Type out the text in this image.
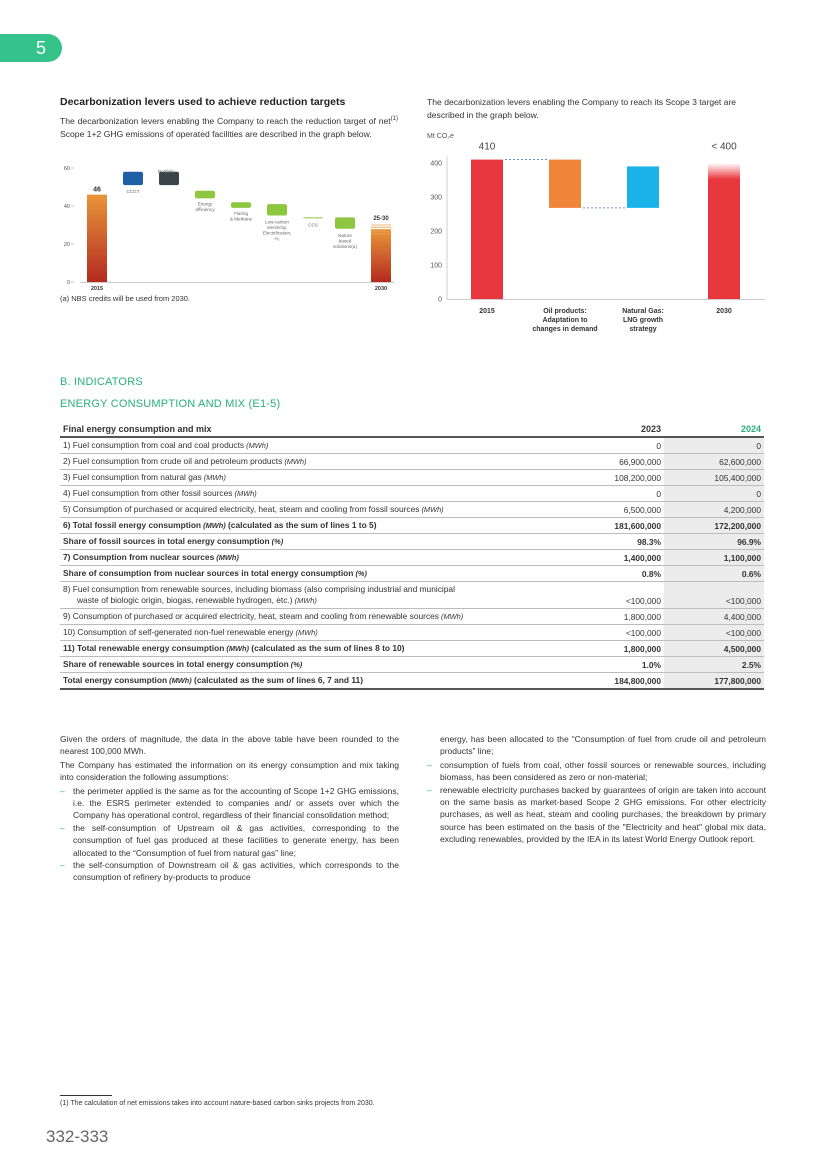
5
Decarbonization levers used to achieve reduction targets
The decarbonization levers enabling the Company to reach the reduction target of net$^{(1)}$ Scope 1+2 GHG emissions of operated facilities are described in the graph below.
60
40
20
0
46
2015
CCGT
Portfolio
Energy efficiency
Flaring & Methane
Low-carbon electricity, Electrification, H₂
CCS
Nature based solutions(a)
25-30
2030
(a) NBS credits will be used from 2030.
The decarbonization levers enabling the Company to reach its Scope 3 target are described in the graph below.
Mt CO₂e
0
100
200
300
400
410
2015	Oil products: Adaptation to changes in demand
Natural Gas: LNG growth strategy
< 400
2030
B. INDICATORS
ENERGY CONSUMPTION AND MIX (E1-5)
Final energy consumption and mix	2023	2024
1) Fuel consumption from coal and coal products (MWh)	0	0
2) Fuel consumption from crude oil and petroleum products (MWh)	66,900,000	62,600,000
3) Fuel consumption from natural gas (MWh)	108,200,000	105,400,000
4) Fuel consumption from other fossil sources (MWh)	0	0
5) Consumption of purchased or acquired electricity, heat, steam and cooling from fossil sources (MWh)	6,500,000	4,200,000
6) Total fossil energy consumption (MWh) (calculated as the sum of lines 1 to 5)	181,600,000	172,200,000
Share of fossil sources in total energy consumption (%)	98.3%	96.9%
7) Consumption from nuclear sources (MWh)	1,400,000	1,100,000
Share of consumption from nuclear sources in total energy consumption (%)	0.8%	0.6%
8) Fuel consumption from renewable sources, including biomass (also comprising industrial and municipal
waste of biologic origin, biogas, renewable hydrogen, etc.) (MWh)	<100,000	<100,000
9) Consumption of purchased or acquired electricity, heat, steam and cooling from renewable sources (MWh)	1,800,000	4,400,000
10) Consumption of self-generated non-fuel renewable energy (MWh)	<100,000	<100,000
11) Total renewable energy consumption (MWh) (calculated as the sum of lines 8 to 10)	1,800,000	4,500,000
Share of renewable sources in total energy consumption (%)	1.0%	2.5%
Total energy consumption (MWh) (calculated as the sum of lines 6, 7 and 11)	184,800,000	177,800,000

Given the orders of magnitude, the data in the above table have been rounded to the nearest 100,000 MWh.

The Company has estimated the information on its energy consumption and mix taking into consideration the following assumptions:

– the perimeter applied is the same as for the accounting of Scope 1+2 GHG emissions, i.e. the ESRS perimeter extended to companies and/ or assets over which the Company has operational control, regardless of their financial consolidation method;
– the self-consumption of Upstream oil & gas activities, corresponding to the consumption of fuel gas produced at these facilities to generate energy, has been allocated to the “Consumption of fuel from natural gas” line;
– the self-consumption of Downstream oil & gas activities, which corresponds to the consumption of refinery by-products to produce

energy, has been allocated to the “Consumption of fuel from crude oil and petroleum products” line;

– consumption of fuels from coal, other fossil sources or renewable sources, including biomass, has been considered as zero or non-material;
– renewable electricity purchases backed by guarantees of origin are taken into account on the same basis as market-based Scope 2 GHG emissions. For other electricity purchases, as well as heat, steam and cooling purchases, the breakdown by primary source has been estimated on the basis of the "Electricity and heat" global mix data, excluding renewables, provided by the IEA in its latest World Energy Outlook report.
(1) The calculation of net emissions takes into account nature-based carbon sinks projects from 2030.
332-333
